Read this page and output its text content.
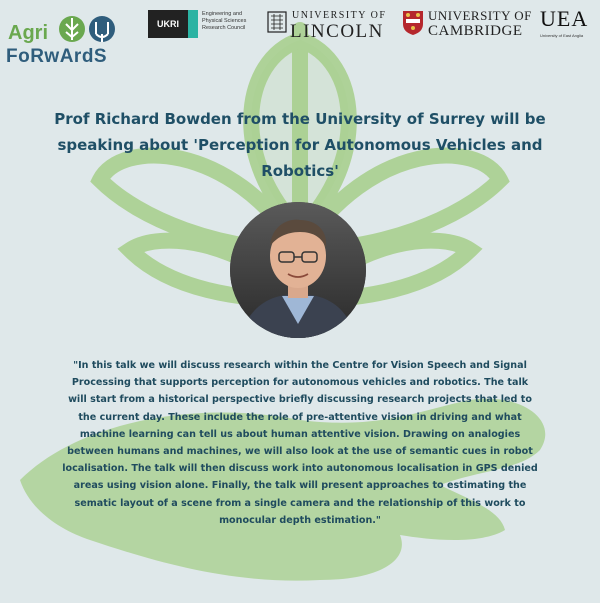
Agri
FoRwArdS
UKRI
Engineering and Physical Sciences Research Council
UNIVERSITY OF
LINCOLN
UNIVERSITY OF
CAMBRIDGE UEA
University of East Anglia
Prof Richard Bowden from the University of Surrey will be speaking about 'Perception for Autonomous Vehicles and Robotics'
"In this talk we will discuss research within the Centre for Vision Speech and Signal Processing that supports perception for autonomous vehicles and robotics. The talk will start from a historical perspective briefly discussing research projects that led to the current day. These include the role of pre-attentive vision in driving and what machine learning can tell us about human attentive vision. Drawing on analogies between humans and machines, we will also look at the use of semantic cues in robot localisation. The talk will then discuss work into autonomous localisation in GPS denied areas using vision alone. Finally, the talk will present approaches to estimating the sematic layout of a scene from a single camera and the relationship of this work to monocular depth estimation."
